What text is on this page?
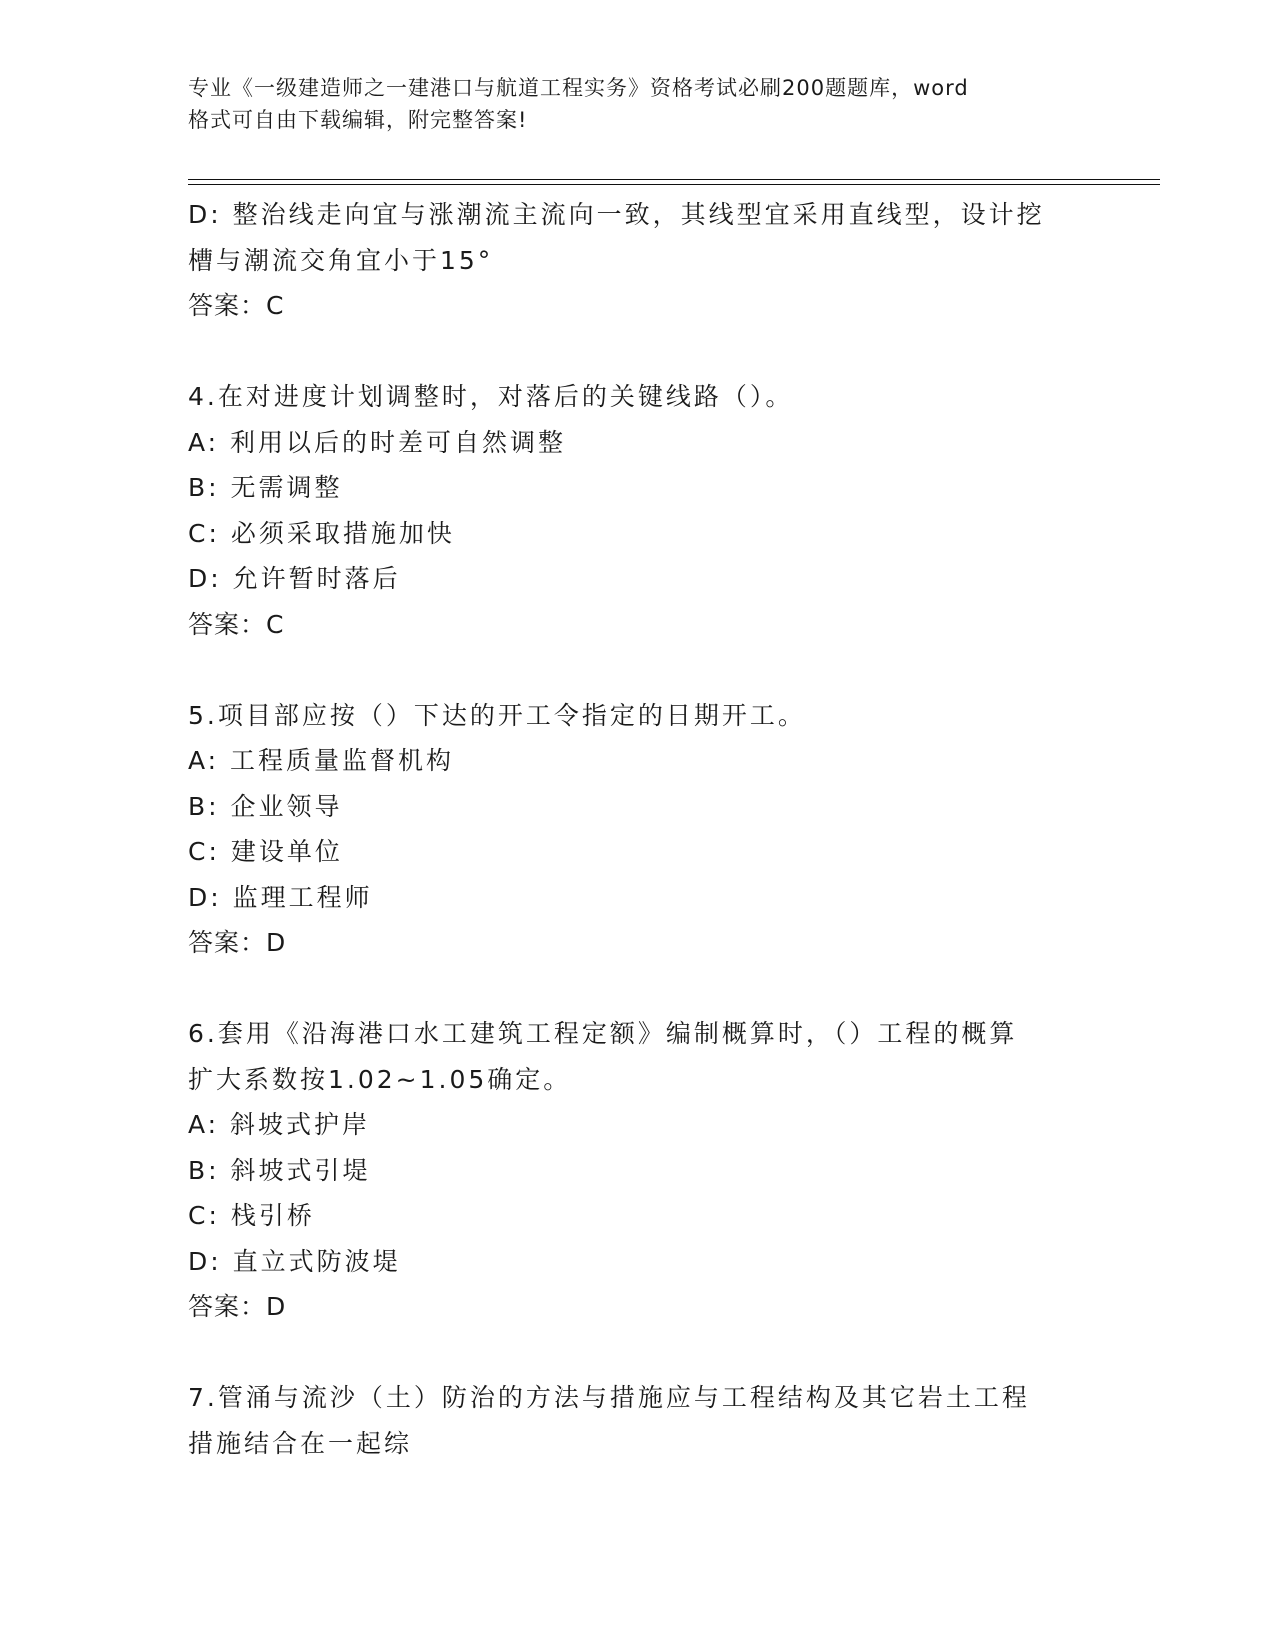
专业《一级建造师之一建港口与航道工程实务》资格考试必刷200题题库，word
格式可自由下载编辑，附完整答案!
D: 整治线走向宜与涨潮流主流向一致，其线型宜采用直线型，设计挖
槽与潮流交角宜小于15°
答案：C
4.在对进度计划调整时，对落后的关键线路（）。
A: 利用以后的时差可自然调整
B: 无需调整
C: 必须采取措施加快
D: 允许暂时落后
答案：C
5.项目部应按（）下达的开工令指定的日期开工。
A: 工程质量监督机构
B: 企业领导
C: 建设单位
D: 监理工程师
答案：D
6.套用《沿海港口水工建筑工程定额》编制概算时，（）工程的概算
扩大系数按1.02~1.05确定。
A: 斜坡式护岸
B: 斜坡式引堤
C: 栈引桥
D: 直立式防波堤
答案：D
7.管涌与流沙（土）防治的方法与措施应与工程结构及其它岩土工程
措施结合在一起综
